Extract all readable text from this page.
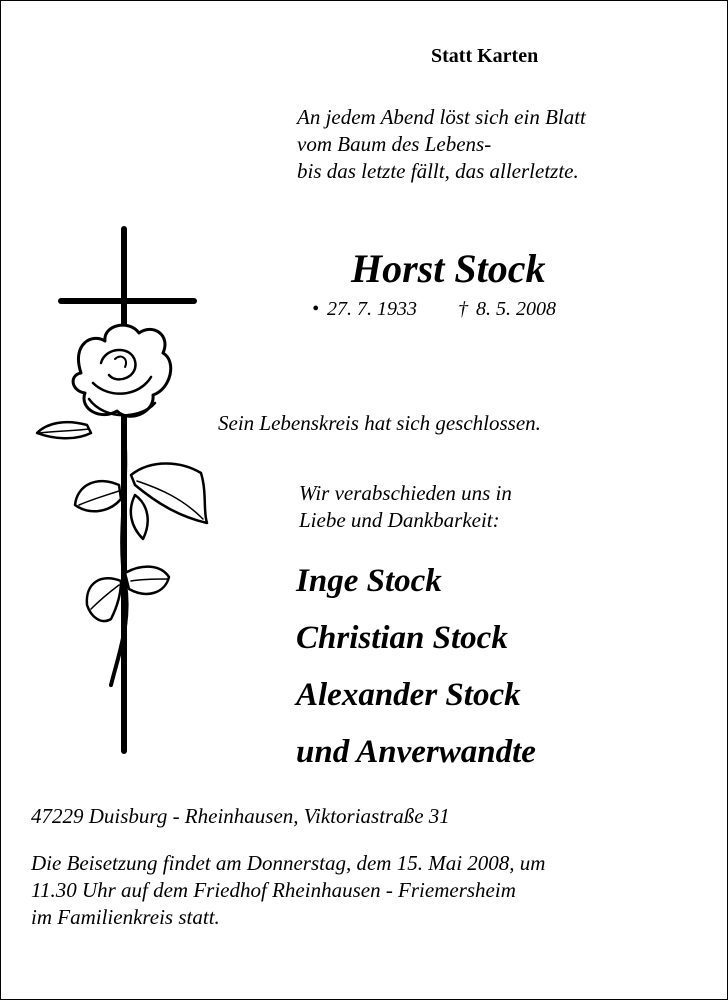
Statt Karten
An jedem Abend löst sich ein Blatt
vom Baum des Lebens-
bis das letzte fällt, das allerletzte.
Horst Stock
• 27. 7. 1933 † 8. 5. 2008
Sein Lebenskreis hat sich geschlossen.
Wir verabschieden uns in
Liebe und Dankbarkeit:
Inge Stock
Christian Stock
Alexander Stock
und Anverwandte
47229 Duisburg - Rheinhausen, Viktoriastraße 31
Die Beisetzung findet am Donnerstag, dem 15. Mai 2008, um
11.30 Uhr auf dem Friedhof Rheinhausen - Friemersheim
im Familienkreis statt.
